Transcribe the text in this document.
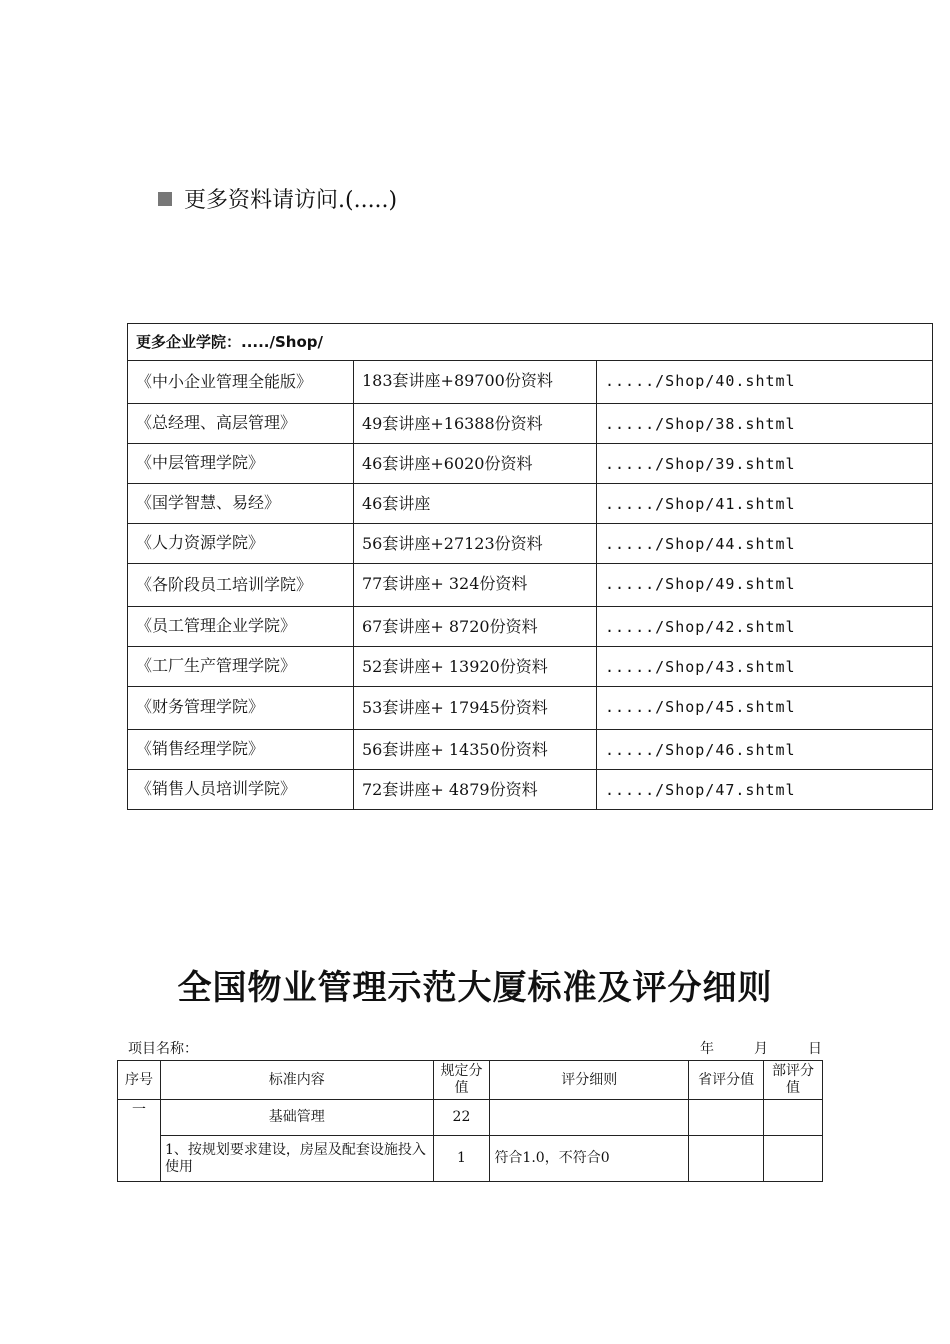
更多资料请访问.(.....)
更多企业学院：...../Shop/		
《中小企业管理全能版》	183套讲座+89700份资料	...../Shop/40.shtml
《总经理、高层管理》	49套讲座+16388份资料	...../Shop/38.shtml
《中层管理学院》	46套讲座+6020份资料	...../Shop/39.shtml
《国学智慧、易经》	46套讲座	...../Shop/41.shtml
《人力资源学院》	56套讲座+27123份资料	...../Shop/44.shtml
《各阶段员工培训学院》	77套讲座+ 324份资料	...../Shop/49.shtml
《员工管理企业学院》	67套讲座+ 8720份资料	...../Shop/42.shtml
《工厂生产管理学院》	52套讲座+ 13920份资料	...../Shop/43.shtml
《财务管理学院》	53套讲座+ 17945份资料	...../Shop/45.shtml
《销售经理学院》	56套讲座+ 14350份资料	...../Shop/46.shtml
《销售人员培训学院》	72套讲座+ 4879份资料	...../Shop/47.shtml
全国物业管理示范大厦标准及评分细则
项目名称：	年	月	日
序号	标准内容	规定分值	评分细则	省评分值	部评分值
一	基础管理	22			
	1、按规划要求建设，房屋及配套设施投入使用	1	符合1.0，不符合0		
